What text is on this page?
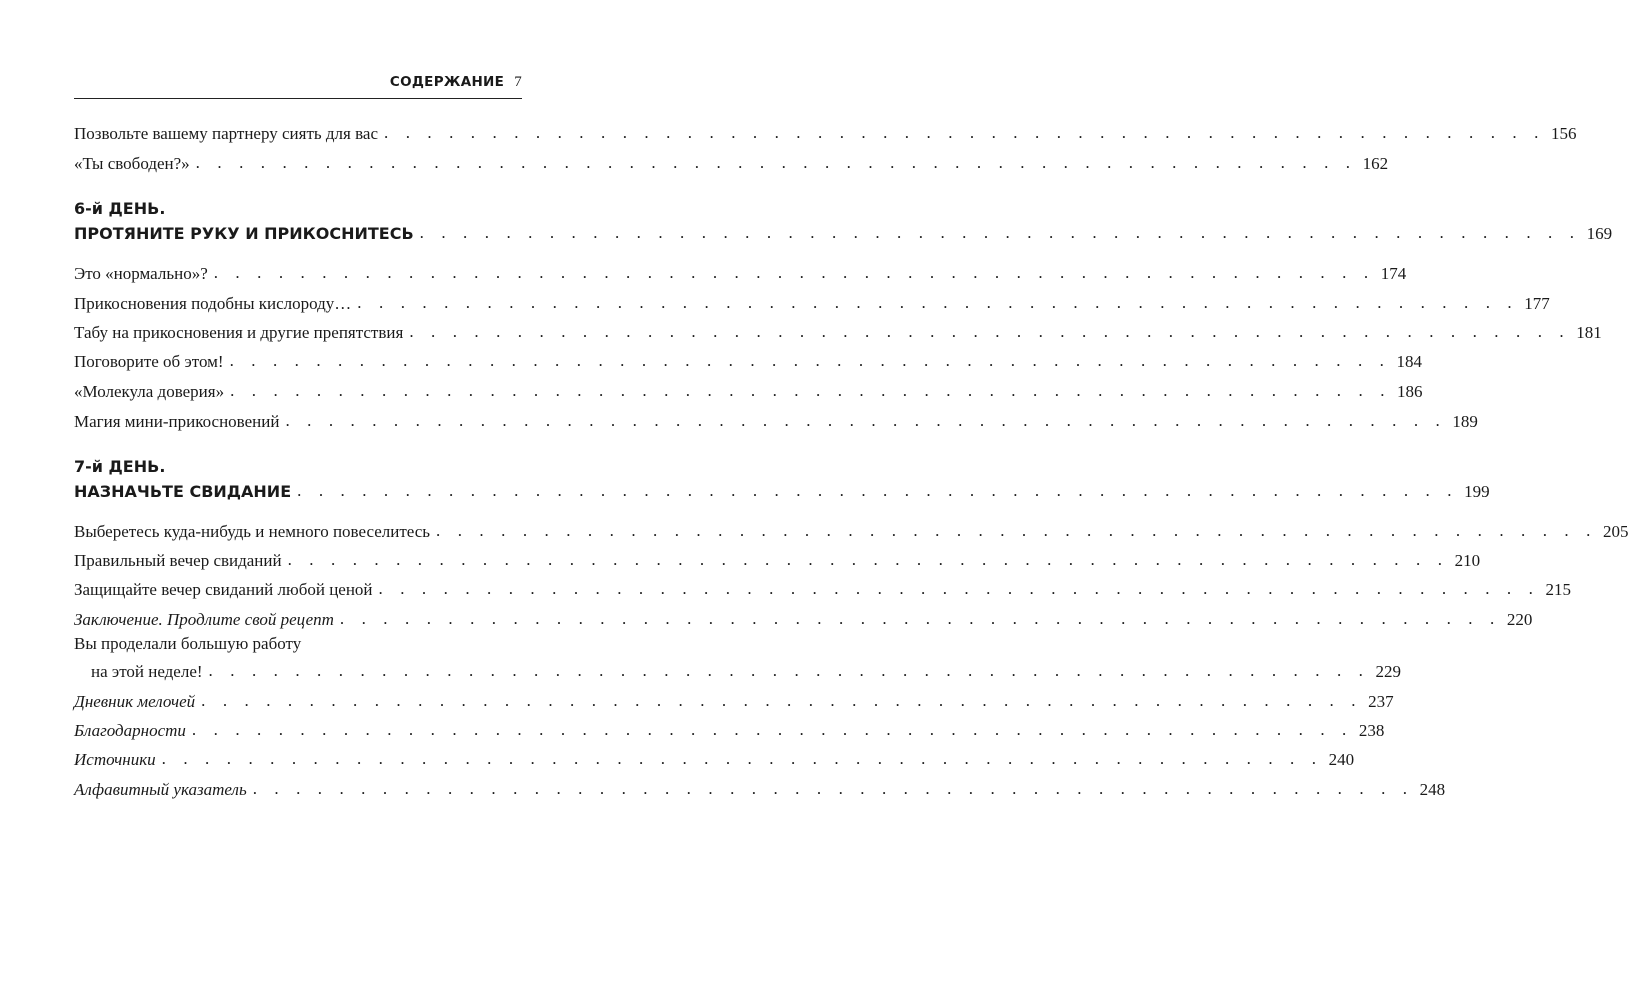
СОДЕРЖАНИЕ 7
Позвольте вашему партнеру сиять для вас . . . . . . . . . . . . . . . . . . . . . . . . . . . . . . . . . . . . . . . . . . . . . . . . . . . . . . 156
«Ты свободен?» . . . . . . . . . . . . . . . . . . . . . . . . . . . . . . . . . . . . . . . . . . . . . . . . . . . . . . 162
6-й ДЕНЬ.
ПРОТЯНИТЕ РУКУ И ПРИКОСНИТЕСЬ . . . . . . . . . . . . . . . . . . . . . . . . . . . . . . . . . . . . . . . . . . . . . . . . . . . . . . 169
Это «нормально»? . . . . . . . . . . . . . . . . . . . . . . . . . . . . . . . . . . . . . . . . . . . . . . . . . . . . . . 174
Прикосновения подобны кислороду… . . . . . . . . . . . . . . . . . . . . . . . . . . . . . . . . . . . . . . . . . . . . . . . . . . . . . . 177
Табу на прикосновения и другие препятствия . . . . . . . . . . . . . . . . . . . . . . . . . . . . . . . . . . . . . . . . . . . . . . . . . . . . . . 181
Поговорите об этом! . . . . . . . . . . . . . . . . . . . . . . . . . . . . . . . . . . . . . . . . . . . . . . . . . . . . . . 184
«Молекула доверия» . . . . . . . . . . . . . . . . . . . . . . . . . . . . . . . . . . . . . . . . . . . . . . . . . . . . . . 186
Магия мини-прикосновений . . . . . . . . . . . . . . . . . . . . . . . . . . . . . . . . . . . . . . . . . . . . . . . . . . . . . . 189
7-й ДЕНЬ.
НАЗНАЧЬТЕ СВИДАНИЕ . . . . . . . . . . . . . . . . . . . . . . . . . . . . . . . . . . . . . . . . . . . . . . . . . . . . . . 199
Выберетесь куда-нибудь и немного повеселитесь . . . . . . . . . . . . . . . . . . . . . . . . . . . . . . . . . . . . . . . . . . . . . . . . . . . . . . 205
Правильный вечер свиданий . . . . . . . . . . . . . . . . . . . . . . . . . . . . . . . . . . . . . . . . . . . . . . . . . . . . . . 210
Защищайте вечер свиданий любой ценой . . . . . . . . . . . . . . . . . . . . . . . . . . . . . . . . . . . . . . . . . . . . . . . . . . . . . . 215
Заключение. Продлите свой рецепт . . . . . . . . . . . . . . . . . . . . . . . . . . . . . . . . . . . . . . . . . . . . . . . . . . . . . . 220
Вы проделали большую работу
на этой неделе! . . . . . . . . . . . . . . . . . . . . . . . . . . . . . . . . . . . . . . . . . . . . . . . . . . . . . . 229
Дневник мелочей . . . . . . . . . . . . . . . . . . . . . . . . . . . . . . . . . . . . . . . . . . . . . . . . . . . . . . 237
Благодарности . . . . . . . . . . . . . . . . . . . . . . . . . . . . . . . . . . . . . . . . . . . . . . . . . . . . . . 238
Источники . . . . . . . . . . . . . . . . . . . . . . . . . . . . . . . . . . . . . . . . . . . . . . . . . . . . . . 240
Алфавитный указатель . . . . . . . . . . . . . . . . . . . . . . . . . . . . . . . . . . . . . . . . . . . . . . . . . . . . . . 248
